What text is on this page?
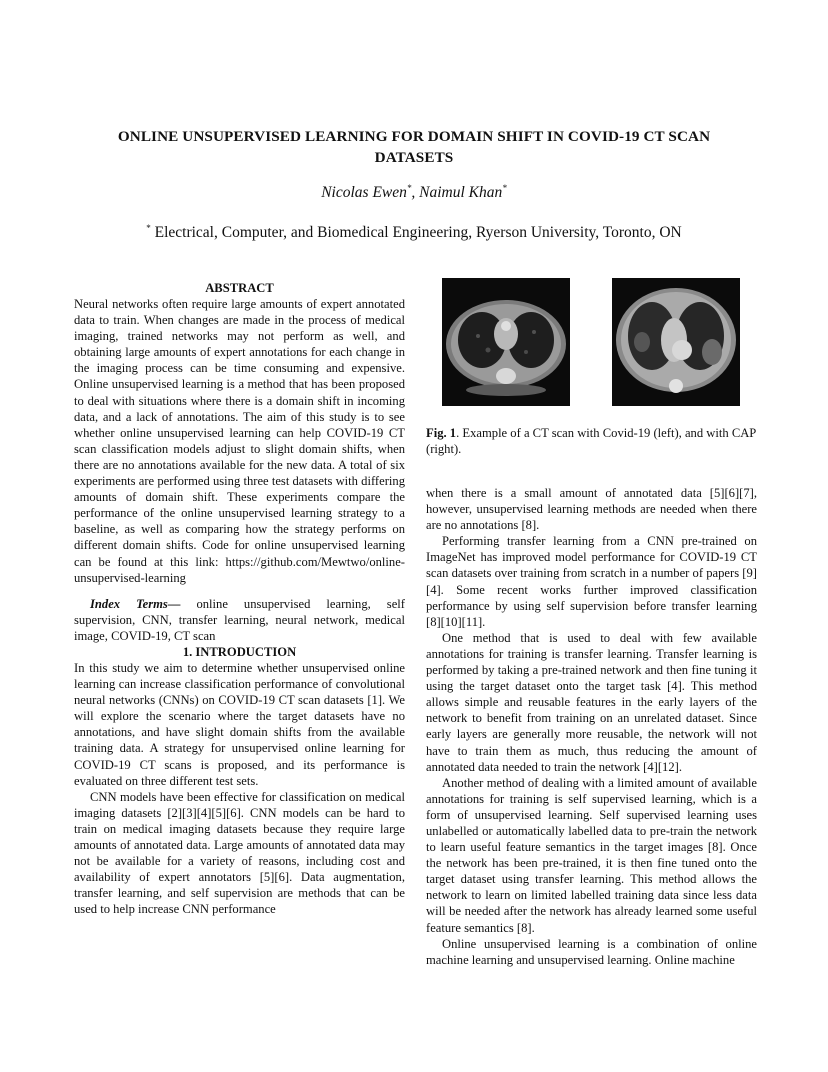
ONLINE UNSUPERVISED LEARNING FOR DOMAIN SHIFT IN COVID-19 CT SCAN DATASETS
Nicolas Ewen*, Naimul Khan*
* Electrical, Computer, and Biomedical Engineering, Ryerson University, Toronto, ON

ABSTRACT

Neural networks often require large amounts of expert annotated data to train. When changes are made in the process of medical imaging, trained networks may not perform as well, and obtaining large amounts of expert annotations for each change in the imaging process can be time consuming and expensive. Online unsupervised learning is a method that has been proposed to deal with situations where there is a domain shift in incoming data, and a lack of annotations. The aim of this study is to see whether online unsupervised learning can help COVID-19 CT scan classification models adjust to slight domain shifts, when there are no annotations available for the new data. A total of six experiments are performed using three test datasets with differing amounts of domain shift. These experiments compare the performance of the online unsupervised learning strategy to a baseline, as well as comparing how the strategy performs on different domain shifts. Code for online unsupervised learning can be found at this link: https://github.com/Mewtwo/online-unsupervised-learning

Index Terms— online unsupervised learning, self supervision, CNN, transfer learning, neural network, medical image, COVID-19, CT scan

1. INTRODUCTION

In this study we aim to determine whether unsupervised online learning can increase classification performance of convolutional neural networks (CNNs) on COVID-19 CT scan datasets [1]. We will explore the scenario where the target datasets have no annotations, and have slight domain shifts from the available training data. A strategy for unsupervised online learning for COVID-19 CT scans is proposed, and its performance is evaluated on three different test sets.

CNN models have been effective for classification on medical imaging datasets [2][3][4][5][6]. CNN models can be hard to train on medical imaging datasets because they require large amounts of annotated data. Large amounts of annotated data may not be available for a variety of reasons, including cost and availability of expert annotators [5][6]. Data augmentation, transfer learning, and self supervision are methods that can be used to help increase CNN performance

Fig. 1. Example of a CT scan with Covid-19 (left), and with CAP (right).

when there is a small amount of annotated data [5][6][7], however, unsupervised learning methods are needed when there are no annotations [8].

Performing transfer learning from a CNN pre-trained on ImageNet has improved model performance for COVID-19 CT scan datasets over training from scratch in a number of papers [9][4]. Some recent works further improved classification performance by using self supervision before transfer learning [8][10][11].

One method that is used to deal with few available annotations for training is transfer learning. Transfer learning is performed by taking a pre-trained network and then fine tuning it using the target dataset onto the target task [4]. This method allows simple and reusable features in the early layers of the network to benefit from training on an unrelated dataset. Since early layers are generally more reusable, the network will not have to train them as much, thus reducing the amount of annotated data needed to train the network [4][12].

Another method of dealing with a limited amount of available annotations for training is self supervised learning, which is a form of unsupervised learning. Self supervised learning uses unlabelled or automatically labelled data to pre-train the network to learn useful feature semantics in the target images [8]. Once the network has been pre-trained, it is then fine tuned onto the target dataset using transfer learning. This method allows the network to learn on limited labelled training data since less data will be needed after the network has already learned some useful feature semantics [8].

Online unsupervised learning is a combination of online machine learning and unsupervised learning. Online machine
